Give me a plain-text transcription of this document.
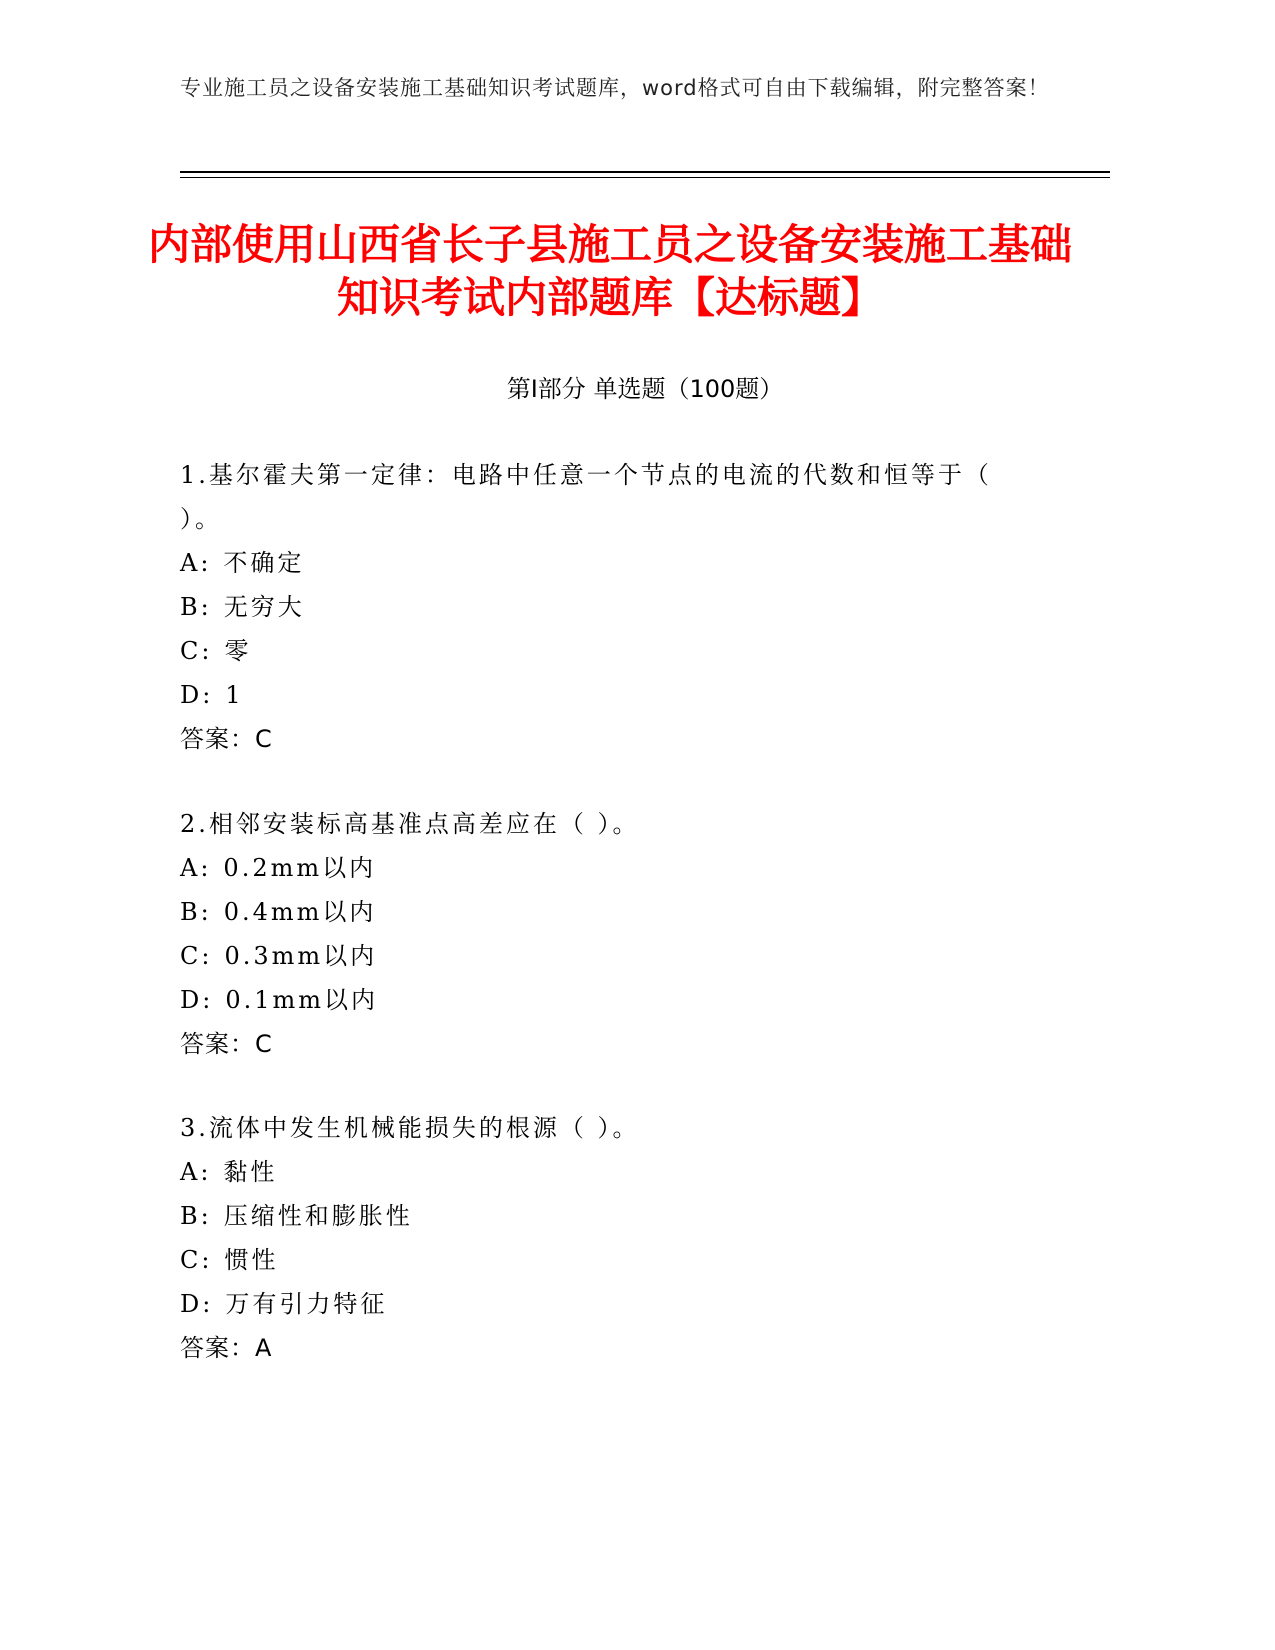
专业施工员之设备安装施工基础知识考试题库，word格式可自由下载编辑，附完整答案！
内部使用山西省长子县施工员之设备安装施工基础知识考试内部题库【达标题】
第I部分 单选题（100题）
1.基尔霍夫第一定律：电路中任意一个节点的电流的代数和恒等于（ ）。
A: 不确定
B: 无穷大
C: 零
D: 1
答案：C
2.相邻安装标高基准点高差应在（ ）。
A: 0.2mm以内
B: 0.4mm以内
C: 0.3mm以内
D: 0.1mm以内
答案：C
3.流体中发生机械能损失的根源（ ）。
A: 黏性
B: 压缩性和膨胀性
C: 惯性
D: 万有引力特征
答案：A
